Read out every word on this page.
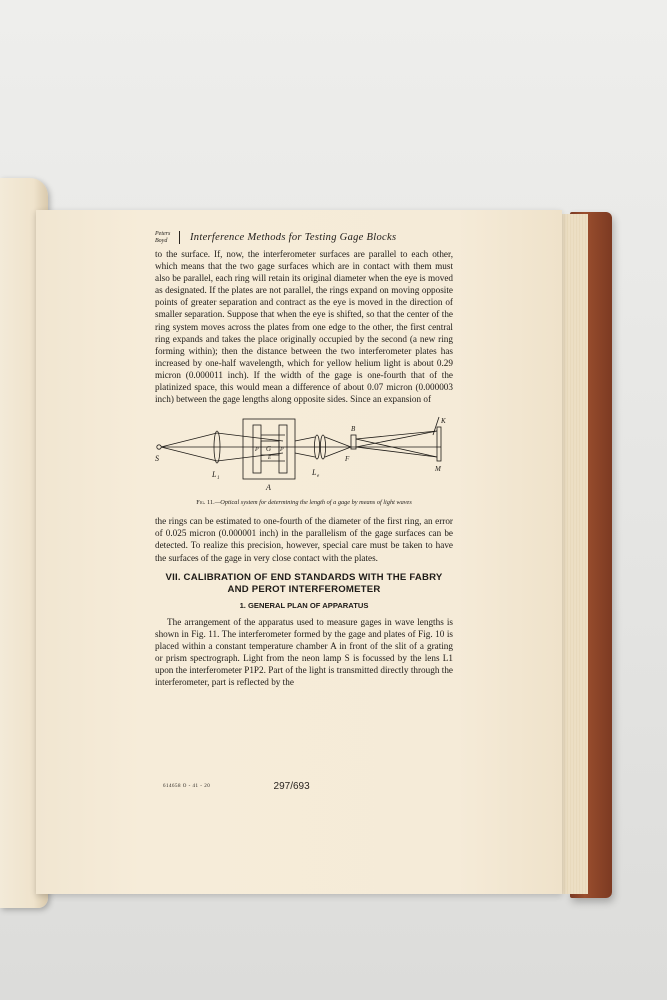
Peters
Boyd	Interference Methods for Testing Gage Blocks

to the surface. If, now, the interferometer surfaces are parallel to each other, which means that the two gage surfaces which are in contact with them must also be parallel, each ring will retain its original diameter when the eye is moved as designated. If the plates are not parallel, the rings expand on moving opposite points of greater separation and contract as the eye is moved in the direction of smaller separation. Suppose that when the eye is shifted, so that the center of the ring system moves across the plates from one edge to the other, the first central ring expands and takes the place originally occupied by the second (a new ring forming within); then the distance between the two interferometer plates has increased by one-half wavelength, which for yellow helium light is about 0.29 micron (0.000011 inch). If the width of the gage is one-fourth that of the platinized space, this would mean a difference of about 0.07 micron (0.000003 inch) between the gage lengths along opposite sides. Since an expansion of

S
L 1
A
G
P	P
E
L e
F
B
K
M
Fig. 11.—Optical system for determining the length of a gage by means of light waves

the rings can be estimated to one-fourth of the diameter of the first ring, an error of 0.025 micron (0.000001 inch) in the parallelism of the gage surfaces can be detected. To realize this precision, however, special care must be taken to have the surfaces of the gage in very close contact with the plates.

VII. CALIBRATION OF END STANDARDS WITH THE FABRY AND PEROT INTERFEROMETER
1. GENERAL PLAN OF APPARATUS

The arrangement of the apparatus used to measure gages in wave lengths is shown in Fig. 11. The interferometer formed by the gage and plates of Fig. 10 is placed within a constant temperature chamber A in front of the slit of a grating or prism spectrograph. Light from the neon lamp S is focussed by the lens L1 upon the interferometer P1P2. Part of the light is transmitted directly through the interferometer, part is reflected by the

614658 O - 41 - 20	297/693
